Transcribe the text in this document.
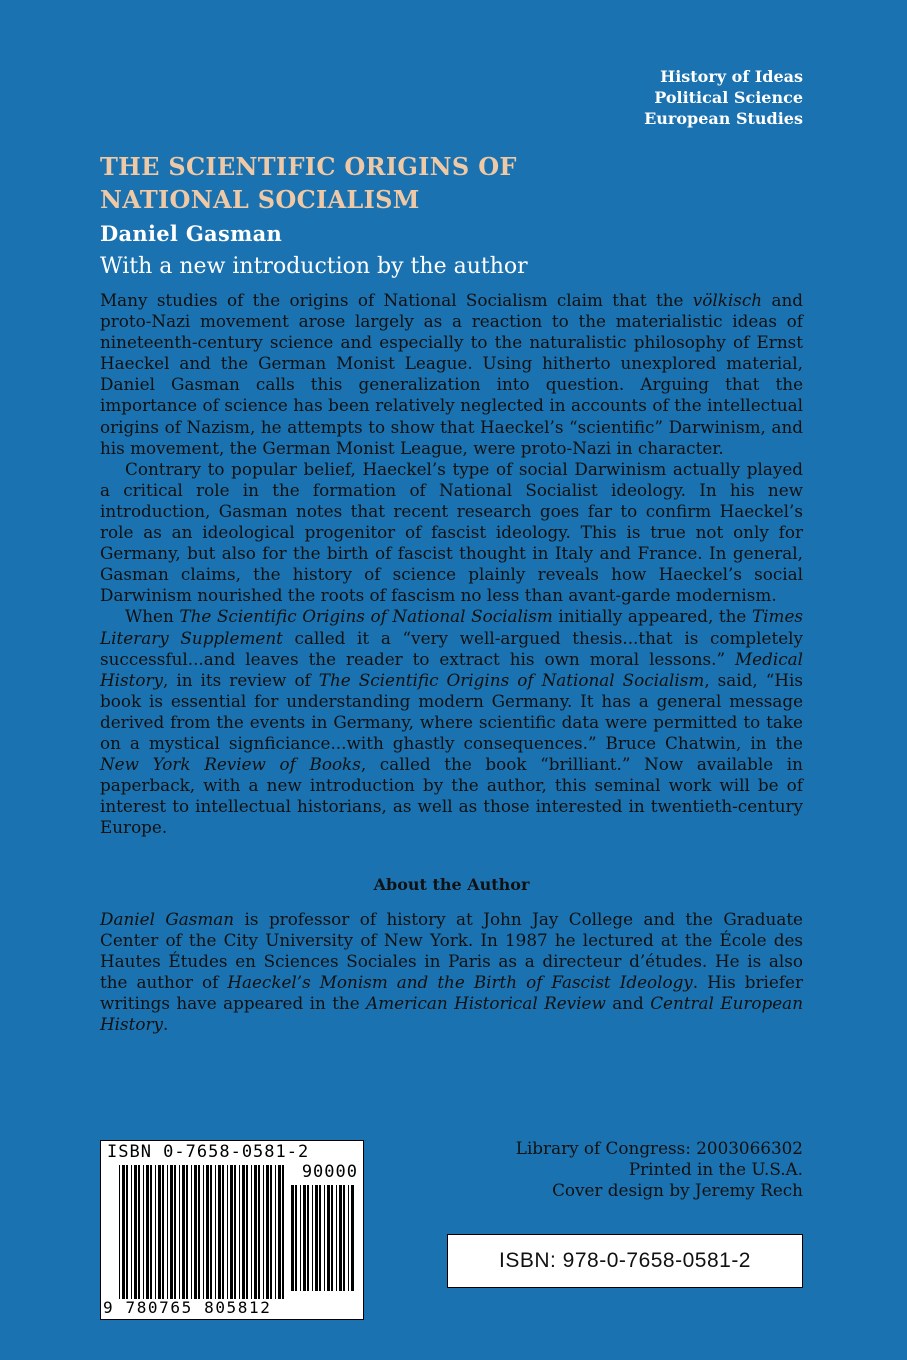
History of Ideas
Political Science
European Studies
THE SCIENTIFIC ORIGINS OF
NATIONAL SOCIALISM
Daniel Gasman
With a new introduction by the author

Many studies of the origins of National Socialism claim that the völkisch and proto-Nazi movement arose largely as a reaction to the materialistic ideas of nineteenth-century science and especially to the naturalistic philosophy of Ernst Haeckel and the German Monist League. Using hitherto unexplored material, Daniel Gasman calls this generalization into question. Arguing that the importance of science has been relatively neglected in accounts of the intellectual origins of Nazism, he attempts to show that Haeckel’s “scientific” Darwinism, and his movement, the German Monist League, were proto-Nazi in character.

Contrary to popular belief, Haeckel’s type of social Darwinism actually played a critical role in the formation of National Socialist ideology. In his new introduction, Gasman notes that recent research goes far to confirm Haeckel’s role as an ideological progenitor of fascist ideology. This is true not only for Germany, but also for the birth of fascist thought in Italy and France. In general, Gasman claims, the history of science plainly reveals how Haeckel’s social Darwinism nourished the roots of fascism no less than avant-garde modernism.

When The Scientific Origins of National Socialism initially appeared, the Times Literary Supplement called it a “very well-argued thesis...that is completely successful...and leaves the reader to extract his own moral lessons.” Medical History, in its review of The Scientific Origins of National Socialism, said, “His book is essential for understanding modern Germany. It has a general message derived from the events in Germany, where scientific data were permitted to take on a mystical signficiance...with ghastly consequences.” Bruce Chatwin, in the New York Review of Books, called the book “brilliant.” Now available in paperback, with a new introduction by the author, this seminal work will be of interest to intellectual historians, as well as those interested in twentieth-century Europe.

About the Author
Daniel Gasman is professor of history at John Jay College and the Graduate Center of the City University of New York. In 1987 he lectured at the École des Hautes Études en Sciences Sociales in Paris as a directeur d’études. He is also the author of Haeckel’s Monism and the Birth of Fascist Ideology. His briefer writings have appeared in the American Historical Review and Central European History.
ISBN 0-7658-0581-2
90000
9 780765 805812
Library of Congress: 2003066302
Printed in the U.S.A.
Cover design by Jeremy Rech
ISBN: 978-0-7658-0581-2
